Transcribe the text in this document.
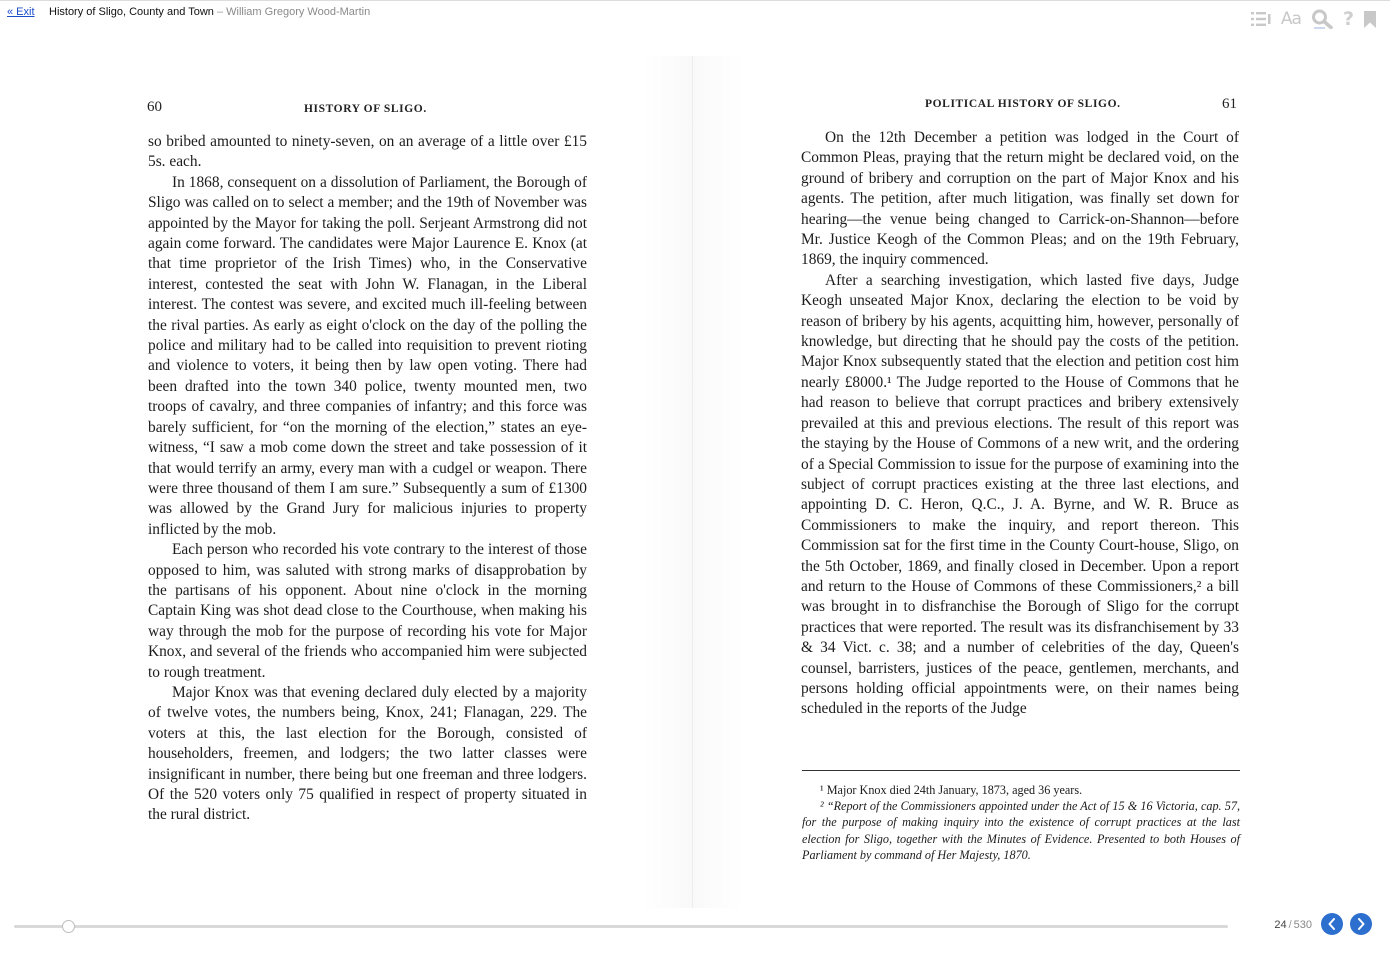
« Exit History of Sligo, County and Town – William Gregory Wood-Martin	Aa ?
60	HISTORY OF SLIGO.

so bribed amounted to ninety-seven, on an average of a little over £15 5s. each.

In 1868, consequent on a dissolution of Parliament, the Borough of Sligo was called on to select a member; and the 19th of November was appointed by the Mayor for taking the poll. Serjeant Armstrong did not again come forward. The candidates were Major Laurence E. Knox (at that time proprietor of the Irish Times) who, in the Conservative interest, contested the seat with John W. Flanagan, in the Liberal interest. The contest was severe, and excited much ill-feeling between the rival parties. As early as eight o'clock on the day of the polling the police and military had to be called into requisition to prevent rioting and violence to voters, it being then by law open voting. There had been drafted into the town 340 police, twenty mounted men, two troops of cavalry, and three companies of infantry; and this force was barely sufficient, for “on the morning of the election,” states an eye-witness, “I saw a mob come down the street and take possession of it that would terrify an army, every man with a cudgel or weapon. There were three thousand of them I am sure.” Subsequently a sum of £1300 was allowed by the Grand Jury for malicious injuries to property inflicted by the mob.

Each person who recorded his vote contrary to the interest of those opposed to him, was saluted with strong marks of disapprobation by the partisans of his opponent. About nine o'clock in the morning Captain King was shot dead close to the Courthouse, when making his way through the mob for the purpose of recording his vote for Major Knox, and several of the friends who accompanied him were subjected to rough treatment.

Major Knox was that evening declared duly elected by a majority of twelve votes, the numbers being, Knox, 241; Flanagan, 229. The voters at this, the last election for the Borough, consisted of householders, freemen, and lodgers; the two latter classes were insignificant in number, there being but one freeman and three lodgers. Of the 520 voters only 75 qualified in respect of property situated in the rural district.

POLITICAL HISTORY OF SLIGO.	61

On the 12th December a petition was lodged in the Court of Common Pleas, praying that the return might be declared void, on the ground of bribery and corruption on the part of Major Knox and his agents. The petition, after much litigation, was finally set down for hearing—the venue being changed to Carrick-on-Shannon—before Mr. Justice Keogh of the Common Pleas; and on the 19th February, 1869, the inquiry commenced.

After a searching investigation, which lasted five days, Judge Keogh unseated Major Knox, declaring the election to be void by reason of bribery by his agents, acquitting him, however, personally of knowledge, but directing that he should pay the costs of the petition. Major Knox subsequently stated that the election and petition cost him nearly £8000.¹ The Judge reported to the House of Commons that he had reason to believe that corrupt practices and bribery extensively prevailed at this and previous elections. The result of this report was the staying by the House of Commons of a new writ, and the ordering of a Special Commission to issue for the purpose of examining into the subject of corrupt practices existing at the three last elections, and appointing D. C. Heron, Q.C., J. A. Byrne, and W. R. Bruce as Commissioners to make the inquiry, and report thereon. This Commission sat for the first time in the County Court-house, Sligo, on the 5th October, 1869, and finally closed in December. Upon a report and return to the House of Commons of these Commissioners,² a bill was brought in to disfranchise the Borough of Sligo for the corrupt practices that were reported. The result was its disfranchisement by 33 & 34 Vict. c. 38; and a number of celebrities of the day, Queen's counsel, barristers, justices of the peace, gentlemen, merchants, and persons holding official appointments were, on their names being scheduled in the reports of the Judge

¹ Major Knox died 24th January, 1873, aged 36 years.

² “Report of the Commissioners appointed under the Act of 15 & 16 Victoria, cap. 57, for the purpose of making inquiry into the existence of corrupt practices at the last election for Sligo, together with the Minutes of Evidence. Presented to both Houses of Parliament by command of Her Majesty, 1870.

24 / 530
